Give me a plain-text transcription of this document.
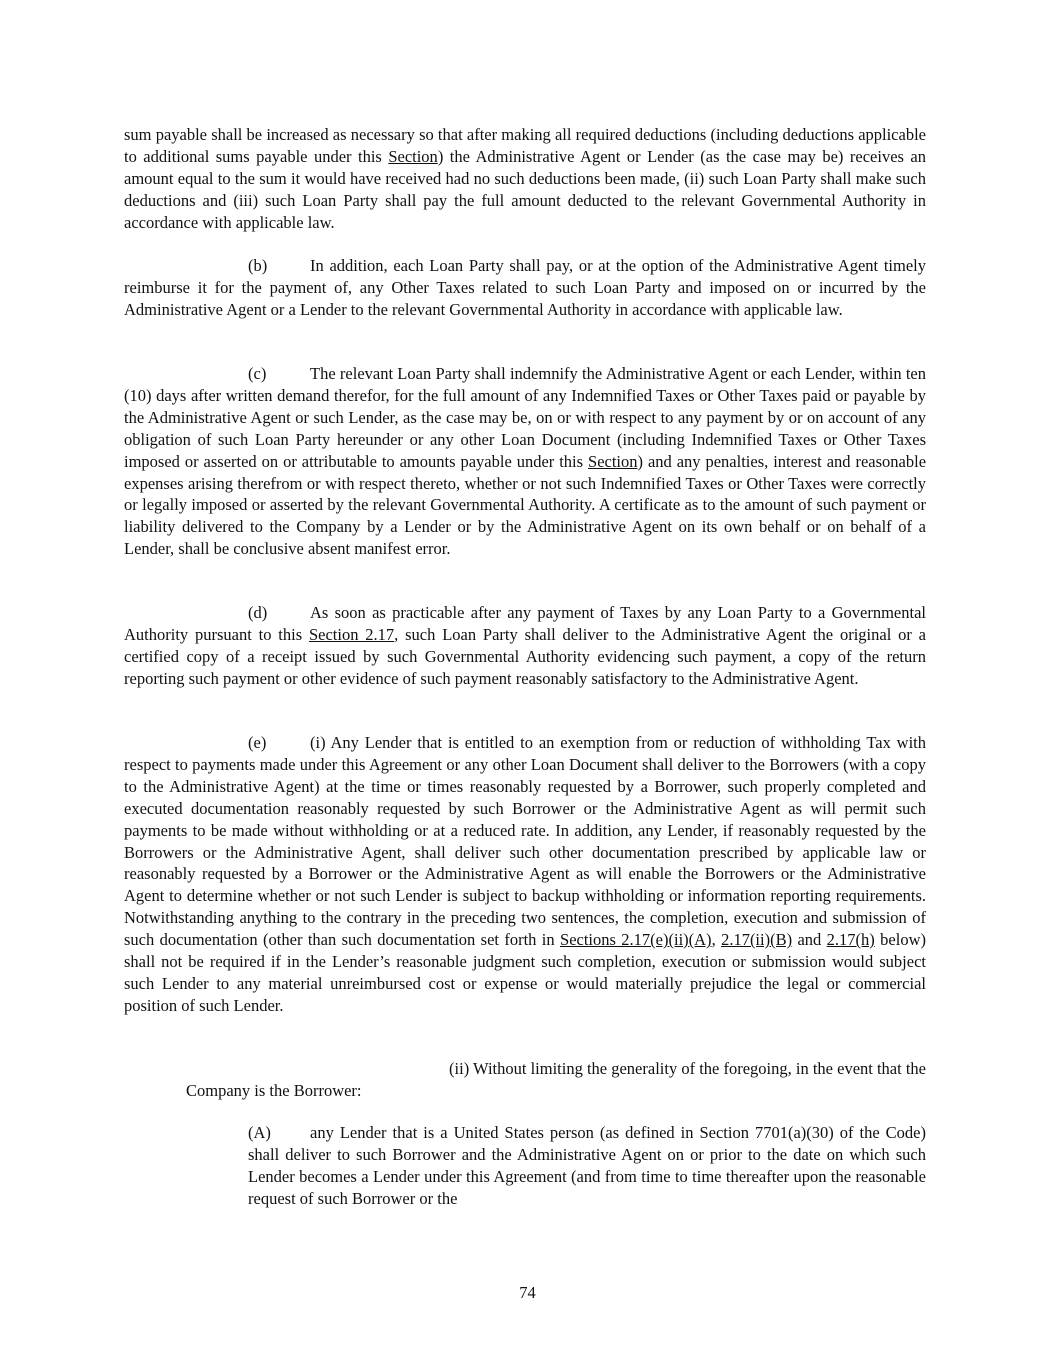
sum payable shall be increased as necessary so that after making all required deductions (including deductions applicable to additional sums payable under this Section) the Administrative Agent or Lender (as the case may be) receives an amount equal to the sum it would have received had no such deductions been made, (ii) such Loan Party shall make such deductions and (iii) such Loan Party shall pay the full amount deducted to the relevant Governmental Authority in accordance with applicable law.

(b)	In addition, each Loan Party shall pay, or at the option of the Administrative Agent timely reimburse it for the payment of, any Other Taxes related to such Loan Party and imposed on or incurred by the Administrative Agent or a Lender to the relevant Governmental Authority in accordance with applicable law.

(c)	The relevant Loan Party shall indemnify the Administrative Agent or each Lender, within ten (10) days after written demand therefor, for the full amount of any Indemnified Taxes or Other Taxes paid or payable by the Administrative Agent or such Lender, as the case may be, on or with respect to any payment by or on account of any obligation of such Loan Party hereunder or any other Loan Document (including Indemnified Taxes or Other Taxes imposed or asserted on or attributable to amounts payable under this Section) and any penalties, interest and reasonable expenses arising therefrom or with respect thereto, whether or not such Indemnified Taxes or Other Taxes were correctly or legally imposed or asserted by the relevant Governmental Authority. A certificate as to the amount of such payment or liability delivered to the Company by a Lender or by the Administrative Agent on its own behalf or on behalf of a Lender, shall be conclusive absent manifest error.

(d)	As soon as practicable after any payment of Taxes by any Loan Party to a Governmental Authority pursuant to this Section 2.17, such Loan Party shall deliver to the Administrative Agent the original or a certified copy of a receipt issued by such Governmental Authority evidencing such payment, a copy of the return reporting such payment or other evidence of such payment reasonably satisfactory to the Administrative Agent.

(e)	(i) Any Lender that is entitled to an exemption from or reduction of withholding Tax with respect to payments made under this Agreement or any other Loan Document shall deliver to the Borrowers (with a copy to the Administrative Agent) at the time or times reasonably requested by a Borrower, such properly completed and executed documentation reasonably requested by such Borrower or the Administrative Agent as will permit such payments to be made without withholding or at a reduced rate. In addition, any Lender, if reasonably requested by the Borrowers or the Administrative Agent, shall deliver such other documentation prescribed by applicable law or reasonably requested by a Borrower or the Administrative Agent as will enable the Borrowers or the Administrative Agent to determine whether or not such Lender is subject to backup withholding or information reporting requirements. Notwithstanding anything to the contrary in the preceding two sentences, the completion, execution and submission of such documentation (other than such documentation set forth in Sections 2.17(e)(ii)(A), 2.17(ii)(B) and 2.17(h) below) shall not be required if in the Lender’s reasonable judgment such completion, execution or submission would subject such Lender to any material unreimbursed cost or expense or would materially prejudice the legal or commercial position of such Lender.

(ii) Without limiting the generality of the foregoing, in the event that the

Company is the Borrower:

(A) any Lender that is a United States person (as defined in Section 7701(a)(30) of the Code) shall deliver to such Borrower and the Administrative Agent on or prior to the date on which such Lender becomes a Lender under this Agreement (and from time to time thereafter upon the reasonable request of such Borrower or the

74
